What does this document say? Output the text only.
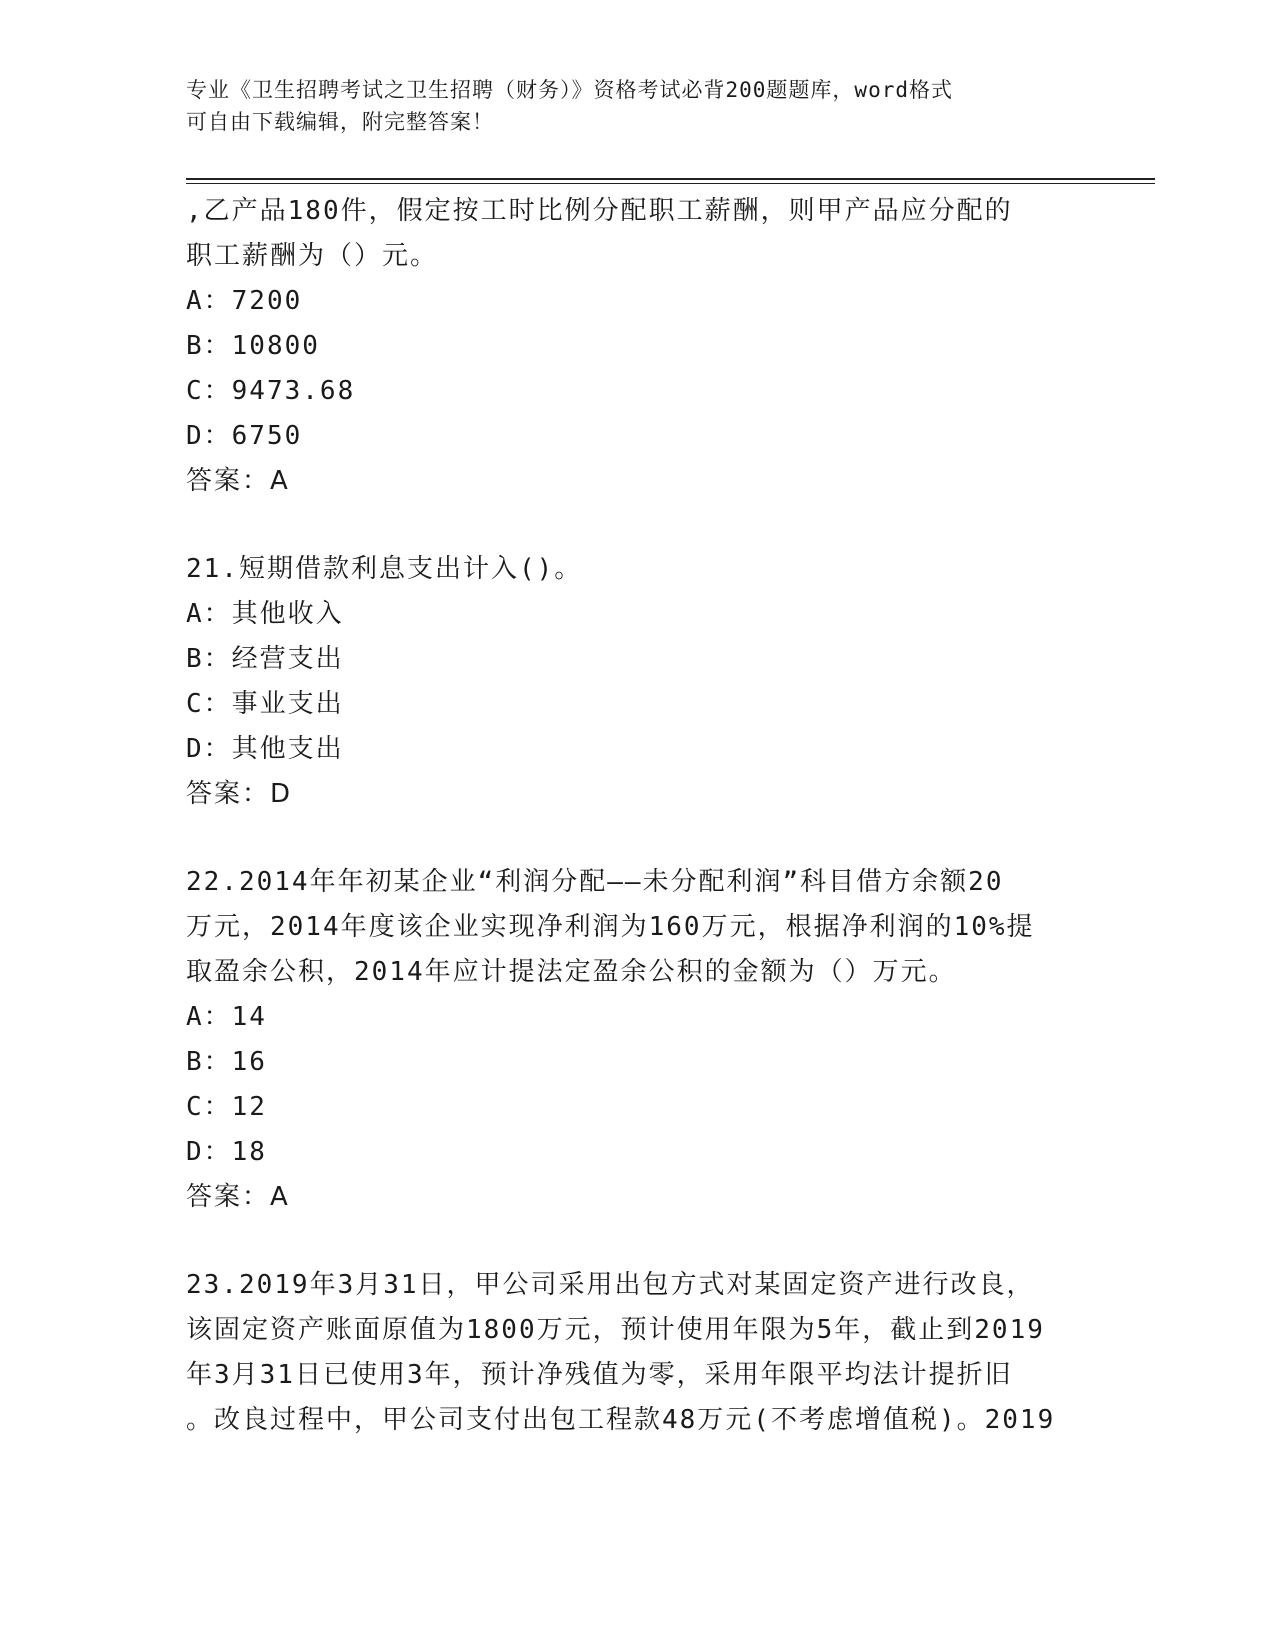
专业《卫生招聘考试之卫生招聘（财务）》资格考试必背200题题库，word格式
可自由下载编辑，附完整答案！
,乙产品180件，假定按工时比例分配职工薪酬，则甲产品应分配的
职工薪酬为（）元。
A：7200
B：10800
C：9473.68
D：6750
答案：A
21.短期借款利息支出计入()。
A：其他收入
B：经营支出
C：事业支出
D：其他支出
答案：D
22.2014年年初某企业“利润分配——未分配利润”科目借方余额20
万元，2014年度该企业实现净利润为160万元，根据净利润的10%提
取盈余公积，2014年应计提法定盈余公积的金额为（）万元。
A：14
B：16
C：12
D：18
答案：A
23.2019年3月31日，甲公司采用出包方式对某固定资产进行改良，
该固定资产账面原值为1800万元，预计使用年限为5年，截止到2019
年3月31日已使用3年，预计净残值为零，采用年限平均法计提折旧
。改良过程中，甲公司支付出包工程款48万元(不考虑增值税)。2019
